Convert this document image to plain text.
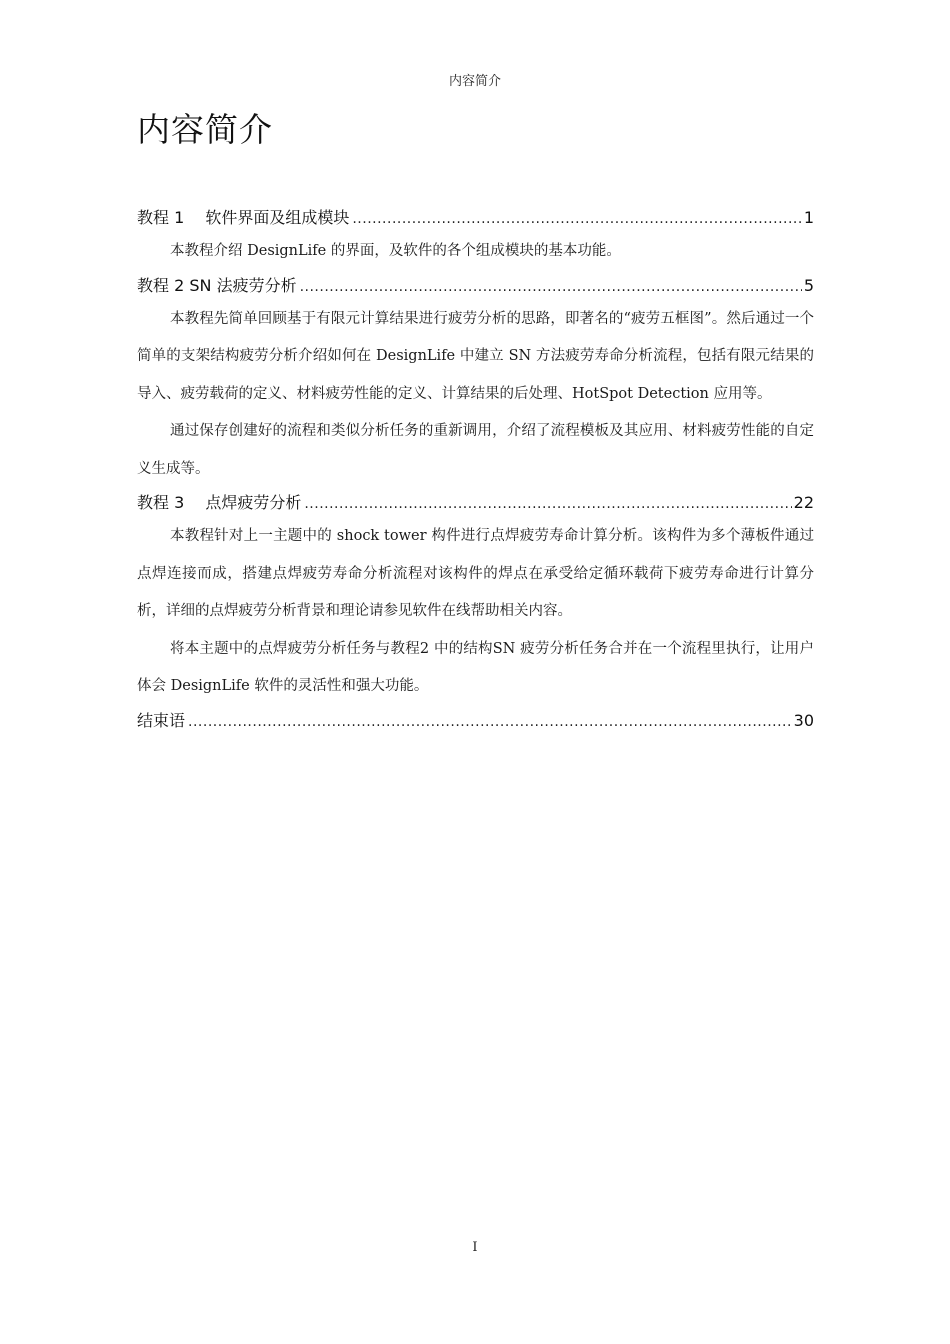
内容简介
内容简介
教程 1　 软件界面及组成模块 .....	1

本教程介绍 DesignLife 的界面，及软件的各个组成模块的基本功能。

教程 2 SN 法疲劳分析 .....	5

本教程先简单回顾基于有限元计算结果进行疲劳分析的思路，即著名的“疲劳五框图”。然后通过一个简单的支架结构疲劳分析介绍如何在 DesignLife 中建立 SN 方法疲劳寿命分析流程，包括有限元结果的导入、疲劳载荷的定义、材料疲劳性能的定义、计算结果的后处理、HotSpot Detection 应用等。

通过保存创建好的流程和类似分析任务的重新调用，介绍了流程模板及其应用、材料疲劳性能的自定义生成等。

教程 3　 点焊疲劳分析 .....	22

本教程针对上一主题中的 shock tower 构件进行点焊疲劳寿命计算分析。该构件为多个薄板件通过点焊连接而成，搭建点焊疲劳寿命分析流程对该构件的焊点在承受给定循环载荷下疲劳寿命进行计算分析，详细的点焊疲劳分析背景和理论请参见软件在线帮助相关内容。

将本主题中的点焊疲劳分析任务与教程2 中的结构SN 疲劳分析任务合并在一个流程里执行，让用户体会 DesignLife 软件的灵活性和强大功能。

结束语 .....	30
I
